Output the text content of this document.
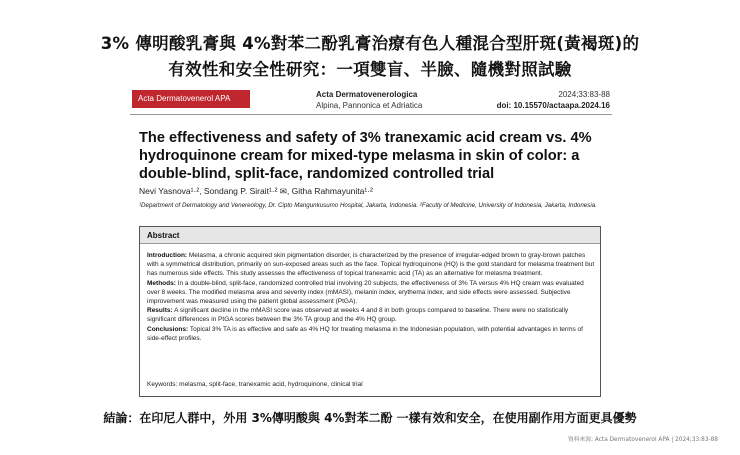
3% 傳明酸乳膏與 4%對苯二酚乳膏治療有色人種混合型肝斑(黃褐斑)的
有效性和安全性研究：一項雙盲、半臉、隨機對照試驗
Acta Dermatovenerol APA	Acta Dermatovenerologica
Alpina, Pannonica et Adriatica
2024;33:83-88
doi: 10.15570/actaapa.2024.16
The effectiveness and safety of 3% tranexamic acid cream vs. 4% hydroquinone cream for mixed-type melasma in skin of color: a double-blind, split-face, randomized controlled trial
Nevi Yasnova¹·², Sondang P. Sirait¹·² ✉, Githa Rahmayunita¹·²
¹Department of Dermatology and Venereology, Dr. Cipto Mangunkusumo Hospital, Jakarta, Indonesia. ²Faculty of Medicine, University of Indonesia, Jakarta, Indonesia.
Abstract

Introduction: Melasma, a chronic acquired skin pigmentation disorder, is characterized by the presence of irregular-edged brown to gray-brown patches with a symmetrical distribution, primarily on sun-exposed areas such as the face. Topical hydroquinone (HQ) is the gold standard for melasma treatment but has numerous side effects. This study assesses the effectiveness of topical tranexamic acid (TA) as an alternative for melasma treatment.

Methods: In a double-blind, split-face, randomized controlled trial involving 20 subjects, the effectiveness of 3% TA versus 4% HQ cream was evaluated over 8 weeks. The modified melasma area and severity index (mMASI), melanin index, erythema index, and side effects were assessed. Subjective improvement was measured using the patient global assessment (PtGA).

Results: A significant decline in the mMASI score was observed at weeks 4 and 8 in both groups compared to baseline. There were no statistically significant differences in PtGA scores between the 3% TA group and the 4% HQ group.

Conclusions: Topical 3% TA is as effective and safe as 4% HQ for treating melasma in the Indonesian population, with potential advantages in terms of side-effect profiles.

Keywords: melasma, split-face, tranexamic acid, hydroquinone, clinical trial
結論：在印尼人群中，外用 3%傳明酸與 4%對苯二酚 一樣有效和安全，在使用副作用方面更具優勢
資料來源: Acta Dermatovenerol APA | 2024;33:83-88
